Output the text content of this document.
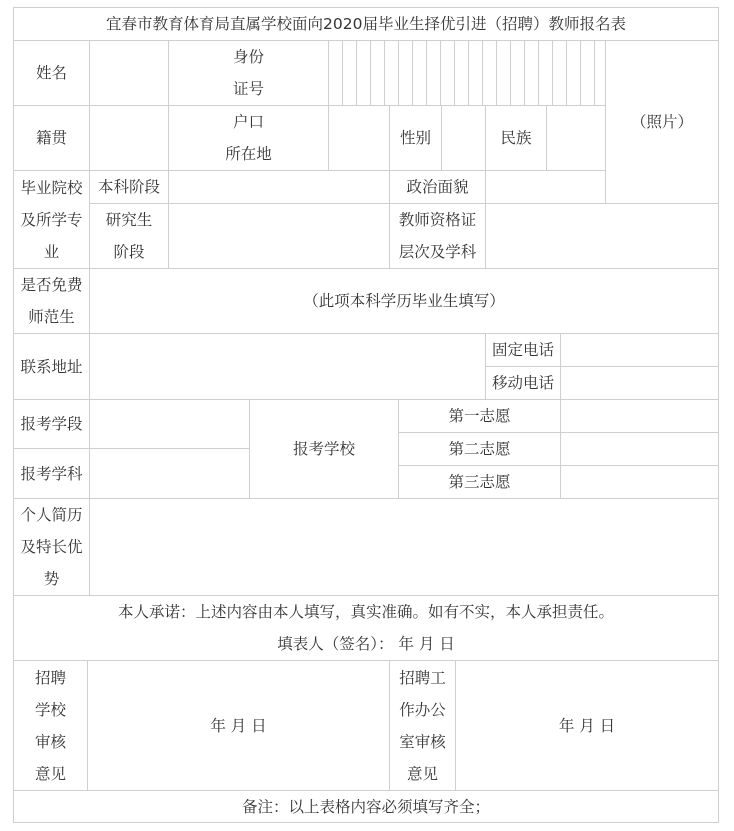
宜春市教育体育局直属学校面向2020届毕业生择优引进（招聘）教师报名表
姓名
身份
证号
（照片）
籍贯
户口
所在地
性别	民族
毕业院校
及所学专
业
本科阶段	政治面貌
研究生
阶段
教师资格证
层次及学科
是否免费
师范生
（此项本科学历毕业生填写）
联系地址
固定电话
移动电话
报考学段
报考学科
报考学校
第一志愿
第二志愿
第三志愿
个人简历
及特长优
势
本人承诺：上述内容由本人填写，真实准确。如有不实，本人承担责任。
填表人（签名）： 年 月 日
招聘
学校
审核
意见
年 月 日
招聘工
作办公
室审核
意见
年 月 日
备注：以上表格内容必须填写齐全；
